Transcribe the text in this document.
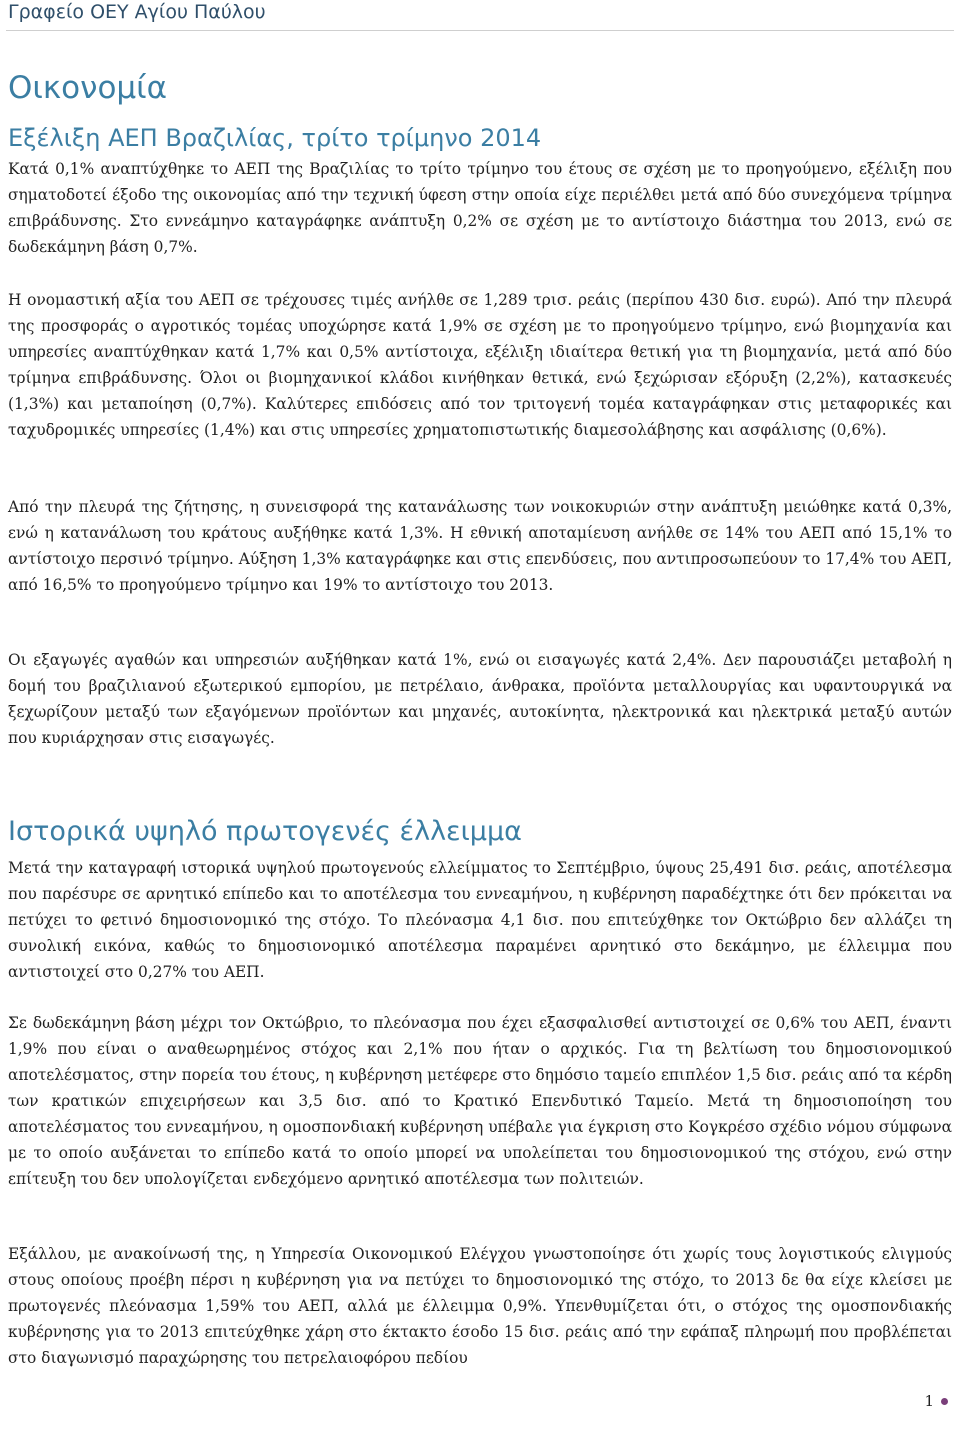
Γραφείο ΟΕΥ Αγίου Παύλου
Οικονομία
Εξέλιξη ΑΕΠ Βραζιλίας, τρίτο τρίμηνο 2014

Κατά 0,1% αναπτύχθηκε το ΑΕΠ της Βραζιλίας το τρίτο τρίμηνο του έτους σε σχέση με το προηγούμενο, εξέλιξη που σηματοδοτεί έξοδο της οικονομίας από την τεχνική ύφεση στην οποία είχε περιέλθει μετά από δύο συνεχόμενα τρίμηνα επιβράδυνσης. Στο εννεάμηνο καταγράφηκε ανάπτυξη 0,2% σε σχέση με το αντίστοιχο διάστημα του 2013, ενώ σε δωδεκάμηνη βάση 0,7%.

Η ονομαστική αξία του ΑΕΠ σε τρέχουσες τιμές ανήλθε σε 1,289 τρισ. ρεάις (περίπου 430 δισ. ευρώ). Από την πλευρά της προσφοράς ο αγροτικός τομέας υποχώρησε κατά 1,9% σε σχέση με το προηγούμενο τρίμηνο, ενώ βιομηχανία και υπηρεσίες αναπτύχθηκαν κατά 1,7% και 0,5% αντίστοιχα, εξέλιξη ιδιαίτερα θετική για τη βιομηχανία, μετά από δύο τρίμηνα επιβράδυνσης. Όλοι οι βιομηχανικοί κλάδοι κινήθηκαν θετικά, ενώ ξεχώρισαν εξόρυξη (2,2%), κατασκευές (1,3%) και μεταποίηση (0,7%). Καλύτερες επιδόσεις από τον τριτογενή τομέα καταγράφηκαν στις μεταφορικές και ταχυδρομικές υπηρεσίες (1,4%) και στις υπηρεσίες χρηματοπιστωτικής διαμεσολάβησης και ασφάλισης (0,6%).

Από την πλευρά της ζήτησης, η συνεισφορά της κατανάλωσης των νοικοκυριών στην ανάπτυξη μειώθηκε κατά 0,3%, ενώ η κατανάλωση του κράτους αυξήθηκε κατά 1,3%. Η εθνική αποταμίευση ανήλθε σε 14% του ΑΕΠ από 15,1% το αντίστοιχο περσινό τρίμηνο. Αύξηση 1,3% καταγράφηκε και στις επενδύσεις, που αντιπροσωπεύουν το 17,4% του ΑΕΠ, από 16,5% το προηγούμενο τρίμηνο και 19% το αντίστοιχο του 2013.

Οι εξαγωγές αγαθών και υπηρεσιών αυξήθηκαν κατά 1%, ενώ οι εισαγωγές κατά 2,4%. Δεν παρουσιάζει μεταβολή η δομή του βραζιλιανού εξωτερικού εμπορίου, με πετρέλαιο, άνθρακα, προϊόντα μεταλλουργίας και υφαντουργικά να ξεχωρίζουν μεταξύ των εξαγόμενων προϊόντων και μηχανές, αυτοκίνητα, ηλεκτρονικά και ηλεκτρικά μεταξύ αυτών που κυριάρχησαν στις εισαγωγές.

Ιστορικά υψηλό πρωτογενές έλλειμμα

Μετά την καταγραφή ιστορικά υψηλού πρωτογενούς ελλείμματος το Σεπτέμβριο, ύψους 25,491 δισ. ρεάις, αποτέλεσμα που παρέσυρε σε αρνητικό επίπεδο και το αποτέλεσμα του εννεαμήνου, η κυβέρνηση παραδέχτηκε ότι δεν πρόκειται να πετύχει το φετινό δημοσιονομικό της στόχο. Το πλεόνασμα 4,1 δισ. που επιτεύχθηκε τον Οκτώβριο δεν αλλάζει τη συνολική εικόνα, καθώς το δημοσιονομικό αποτέλεσμα παραμένει αρνητικό στο δεκάμηνο, με έλλειμμα που αντιστοιχεί στο 0,27% του ΑΕΠ.

Σε δωδεκάμηνη βάση μέχρι τον Οκτώβριο, το πλεόνασμα που έχει εξασφαλισθεί αντιστοιχεί σε 0,6% του ΑΕΠ, έναντι 1,9% που είναι ο αναθεωρημένος στόχος και 2,1% που ήταν ο αρχικός. Για τη βελτίωση του δημοσιονομικού αποτελέσματος, στην πορεία του έτους, η κυβέρνηση μετέφερε στο δημόσιο ταμείο επιπλέον 1,5 δισ. ρεάις από τα κέρδη των κρατικών επιχειρήσεων και 3,5 δισ. από το Κρατικό Επενδυτικό Ταμείο. Μετά τη δημοσιοποίηση του αποτελέσματος του εννεαμήνου, η ομοσπονδιακή κυβέρνηση υπέβαλε για έγκριση στο Κογκρέσο σχέδιο νόμου σύμφωνα με το οποίο αυξάνεται το επίπεδο κατά το οποίο μπορεί να υπολείπεται του δημοσιονομικού της στόχου, ενώ στην επίτευξη του δεν υπολογίζεται ενδεχόμενο αρνητικό αποτέλεσμα των πολιτειών.

Εξάλλου, με ανακοίνωσή της, η Υπηρεσία Οικονομικού Ελέγχου γνωστοποίησε ότι χωρίς τους λογιστικούς ελιγμούς στους οποίους προέβη πέρσι η κυβέρνηση για να πετύχει το δημοσιονομικό της στόχο, το 2013 δε θα είχε κλείσει με πρωτογενές πλεόνασμα 1,59% του ΑΕΠ, αλλά με έλλειμμα 0,9%. Υπενθυμίζεται ότι, ο στόχος της ομοσπονδιακής κυβέρνησης για το 2013 επιτεύχθηκε χάρη στο έκτακτο έσοδο 15 δισ. ρεάις από την εφάπαξ πληρωμή που προβλέπεται στο διαγωνισμό παραχώρησης του πετρελαιοφόρου πεδίου

1
